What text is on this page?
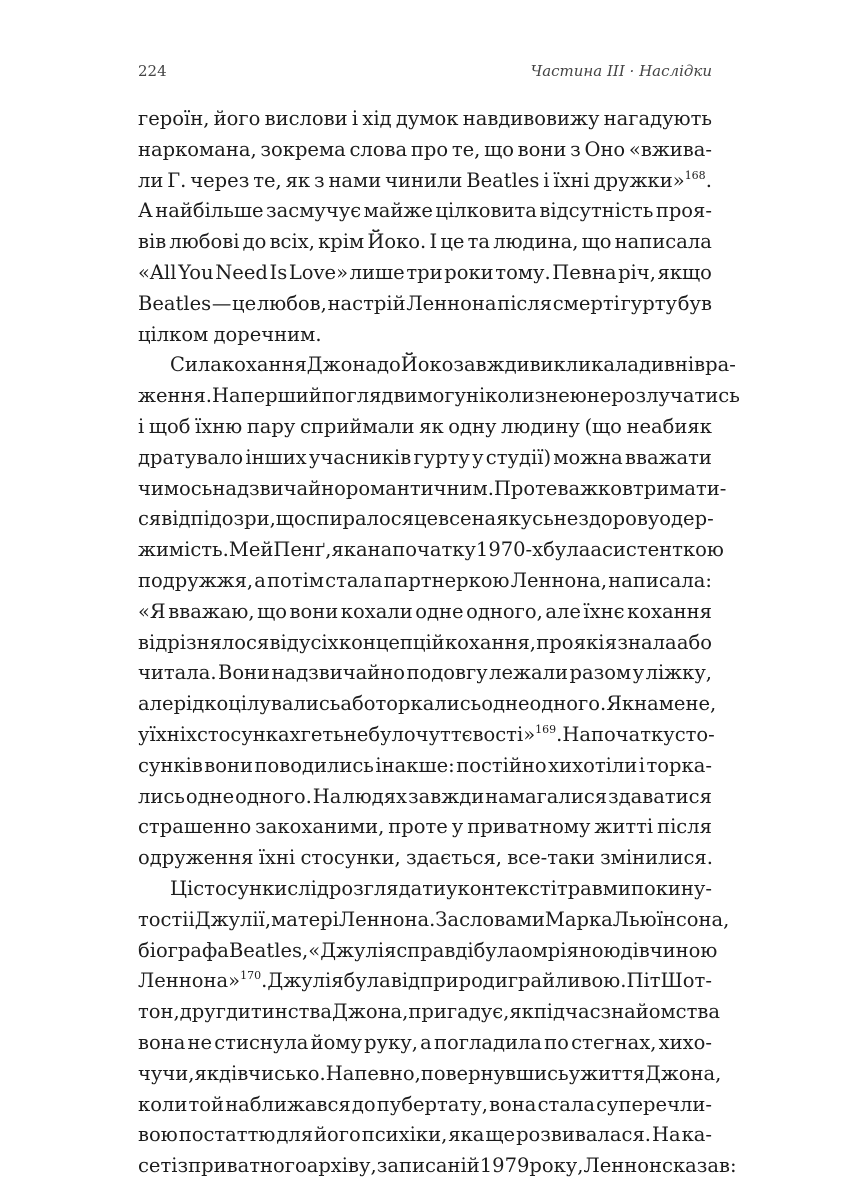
224	Частина ІІІ · Наслідки
героїн, його вислови і хід думок навдивовижу нагадують
наркомана, зокрема слова про те, що вони з Оно «вжива-
ли Г. через те, як з нами чинили Beatles і їхні дружки»$^{168}$.
А найбільше засмучує майже цілковита відсутність проя-
вів любові до всіх, крім Йоко. І це та людина, що написала
«All You Need Is Love» лише три роки тому. Певна річ, якщо
Beatles — це любов, настрій Леннона після смерті гурту був
цілком доречним.
Сила кохання Джона до Йоко завжди викликала дивні вра-
ження. На перший погляд вимогу ніколи з нею не розлучатись
і щоб їхню пару сприймали як одну людину (що неабияк
дратувало інших учасників гурту у студії) можна вважати
чимось надзвичайно романтичним. Проте важко втримати-
ся від підозри, що спиралося це все на якусь нездорову одер-
жимість. Мей Пенґ, яка на початку 1970-х була асистенткою
подружжя, а потім стала партнеркою Леннона, написала:
«Я вважаю, що вони кохали одне одного, але їхнє кохання
відрізнялося від усіх концепцій кохання, про які я знала або
читала. Вони надзвичайно подовгу лежали разом у ліжку,
але рідко цілувались або торкались одне одного. Як на мене,
у їхніх стосунках геть не було чуттєвості»$^{169}$. На початку сто-
сунків вони поводились інакше: постійно хихотіли і торка-
лись одне одного. На людях завжди намагалися здаватися
страшенно закоханими, проте у приватному житті після
одруження їхні стосунки, здається, все-таки змінилися.
Ці стосунки слід розглядати у контексті травми покину-
тості і Джулії, матері Леннона. За словами Марка Льюїнсона,
біографа Beatles, «Джулія справді була омріяною дівчиною
Леннона»$^{170}$. Джулія була від природи грайливою. Піт Шот-
тон, друг дитинства Джона, пригадує, як під час знайомства
вона не стиснула йому руку, а погладила по стегнах, хихо-
чучи, як дівчисько. Напевно, повернувшись у життя Джона,
коли той наближався до пубертату, вона стала суперечли-
вою постаттю для його психіки, яка ще розвивалася. На ка-
сеті з приватного архіву, записаній 1979 року, Леннон сказав:
